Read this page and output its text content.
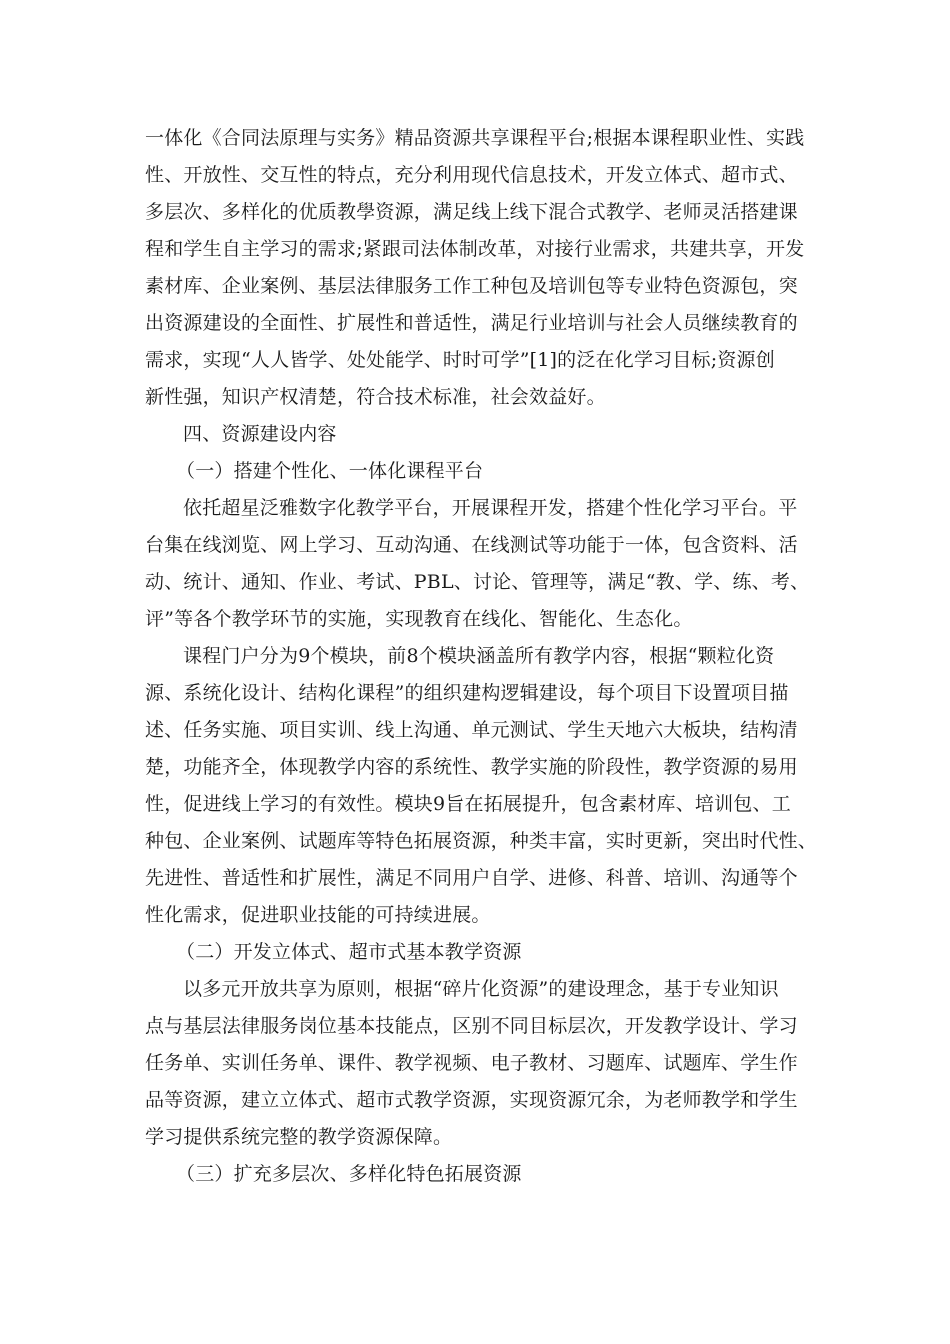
一体化《合同法原理与实务》精品资源共享课程平台;根据本课程职业性、实践
性、开放性、交互性的特点，充分利用现代信息技术，开发立体式、超市式、
多层次、多样化的优质教學资源，满足线上线下混合式教学、老师灵活搭建课
程和学生自主学习的需求;紧跟司法体制改革，对接行业需求，共建共享，开发
素材库、企业案例、基层法律服务工作工种包及培训包等专业特色资源包，突
出资源建设的全面性、扩展性和普适性，满足行业培训与社会人员继续教育的
需求，实现“人人皆学、处处能学、时时可学”[1]的泛在化学习目标;资源创
新性强，知识产权清楚，符合技术标准，社会效益好。
四、资源建设内容
（一）搭建个性化、一体化课程平台
依托超星泛雅数字化教学平台，开展课程开发，搭建个性化学习平台。平
台集在线浏览、网上学习、互动沟通、在线测试等功能于一体，包含资料、活
动、统计、通知、作业、考试、PBL、讨论、管理等，满足“教、学、练、考、
评”等各个教学环节的实施，实现教育在线化、智能化、生态化。
课程门户分为9个模块，前8个模块涵盖所有教学内容，根据“颗粒化资
源、系统化设计、结构化课程”的组织建构逻辑建设，每个项目下设置项目描
述、任务实施、项目实训、线上沟通、单元测试、学生天地六大板块，结构清
楚，功能齐全，体现教学内容的系统性、教学实施的阶段性，教学资源的易用
性，促进线上学习的有效性。模块9旨在拓展提升，包含素材库、培训包、工
种包、企业案例、试题库等特色拓展资源，种类丰富，实时更新，突出时代性、
先进性、普适性和扩展性，满足不同用户自学、进修、科普、培训、沟通等个
性化需求，促进职业技能的可持续进展。
（二）开发立体式、超市式基本教学资源
以多元开放共享为原则，根据“碎片化资源”的建设理念，基于专业知识
点与基层法律服务岗位基本技能点，区别不同目标层次，开发教学设计、学习
任务单、实训任务单、课件、教学视频、电子教材、习题库、试题库、学生作
品等资源，建立立体式、超市式教学资源，实现资源冗余，为老师教学和学生
学习提供系统完整的教学资源保障。
（三）扩充多层次、多样化特色拓展资源
